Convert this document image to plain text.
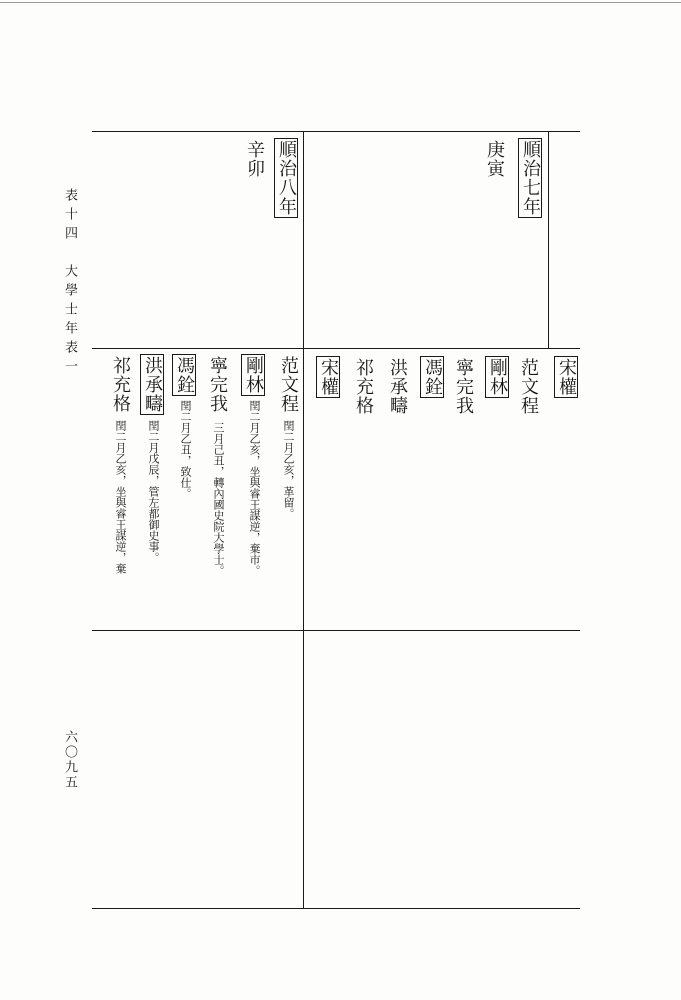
表十四　大學士年表一
六〇九五
順治七年
庚寅
順治八年
辛卯
宋權
范文程
剛林
寧完我
馮銓
洪承疇
祁充格
宋權
范文程
閏二月乙亥，革留。
剛林
閏二月乙亥，坐與睿王謀逆，棄市。
寧完我
三月己丑，轉內國史院大學士。
馮銓
閏二月乙丑，致仕。
洪承疇
閏二月戊辰，管左都御史事。
祁充格
閏二月乙亥，坐與睿王謀逆，棄
